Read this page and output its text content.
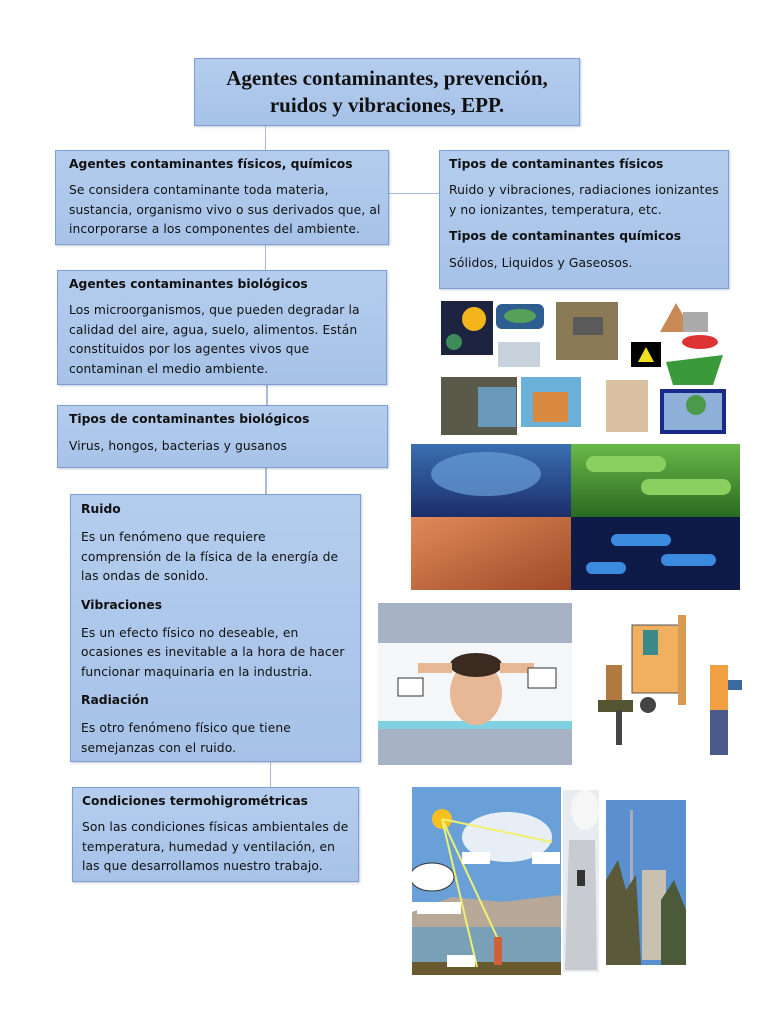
Agentes contaminantes, prevención,
ruidos y vibraciones, EPP.

Agentes contaminantes físicos, químicos

Se considera contaminante toda materia,

sustancia, organismo vivo o sus derivados que, al

incorporarse a los componentes del ambiente.

Tipos de contaminantes físicos

Ruido y vibraciones, radiaciones ionizantes

y no ionizantes, temperatura, etc.

Tipos de contaminantes químicos

Sólidos, Liquidos y Gaseosos.

Agentes contaminantes biológicos

Los microorganismos, que pueden degradar la

calidad del aire, agua, suelo, alimentos. Están

constituidos por los agentes vivos que

contaminan el medio ambiente.

Tipos de contaminantes biológicos

Virus, hongos, bacterias y gusanos

Ruido

Es un fenómeno que requiere

comprensión de la física de la energía de

las ondas de sonido.

Vibraciones

Es un efecto físico no deseable, en

ocasiones es inevitable a la hora de hacer

funcionar maquinaria en la industria.

Radiación

Es otro fenómeno físico que tiene

semejanzas con el ruido.

Condiciones termohigrométricas

Son las condiciones físicas ambientales de

temperatura, humedad y ventilación, en

las que desarrollamos nuestro trabajo.
